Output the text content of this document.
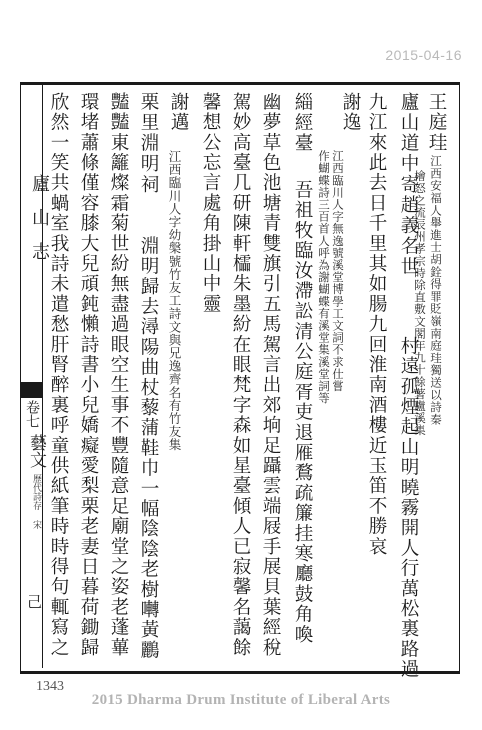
2015-04-16
廬山志
卷七
藝文
歷代詩存 宋
己
王庭珪江西安福人舉進士胡銓得罪貶嶺南庭珪獨送以詩秦
檜怒之流辰州孝宗時除直敷文閣年九十餘著盧溪集
廬山道中寄趙義名世
村遠孤煙起山明曉霧開人行萬松裏路過
九江來此去日千里其如腸九回淮南酒樓近玉笛不勝哀
謝逸
江西臨川人字無逸號溪堂博學工文詞不求仕嘗
作蝴蝶詩三百首人呼為謝蝴蝶有溪堂集溪堂詞等
緇經臺
吾祖牧臨汝滯訟清公庭胥吏退雁鶩疏簾挂寒廳鼓角喚
幽夢草色池塘青雙旗引五馬駕言出郊垧足躡雲端屐手展貝葉經稅
駕妙高臺几研陳軒櫺朱墨紛在眼梵字森如星臺傾人已寂馨名藹餘
馨想公忘言處角掛山中靈
謝邁
江西臨川人字幼槃號竹友工詩文與兄逸齊名有竹友集
栗里淵明祠
淵明歸去潯陽曲杖藜蒲鞋巾一幅陰陰老樹囀黃鸝
豔豔東籬燦霜菊世紛無盡過眼空生事不豐隨意足廟堂之姿老蓬蓽
環堵蕭條僅容膝大兒頑鈍懶詩書小兒嬌癡愛梨栗老妻日暮荷鋤歸
欣然一笑共蝸室我詩未遣愁肝腎醉裏呼童供紙筆時時得句輒寫之
1343
2015 Dharma Drum Institute of Liberal Arts
